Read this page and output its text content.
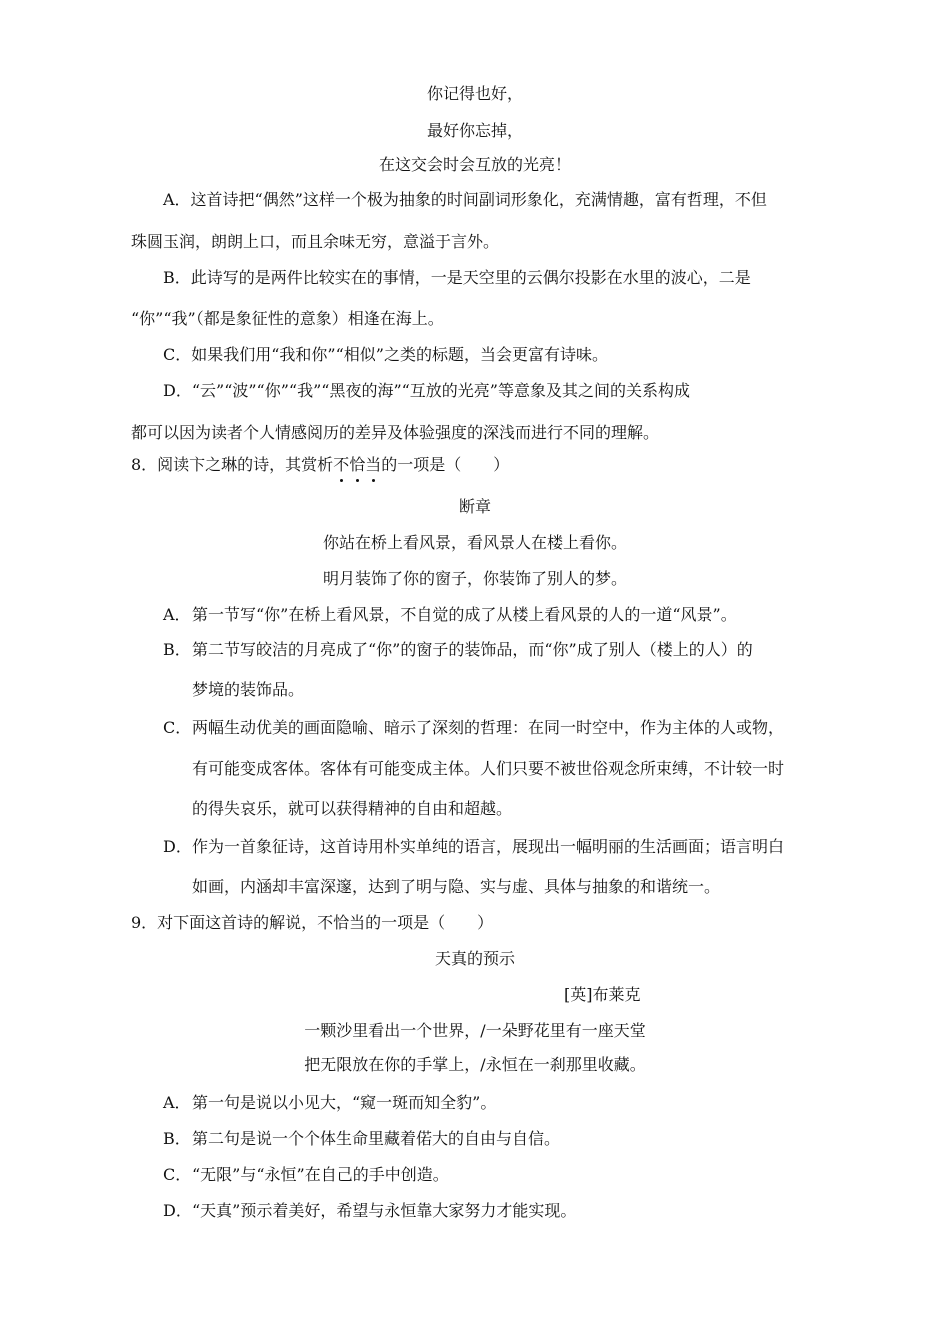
你记得也好，
最好你忘掉，
在这交会时会互放的光亮！
A．这首诗把“偶然”这样一个极为抽象的时间副词形象化，充满情趣，富有哲理，不但
珠圆玉润，朗朗上口，而且余味无穷，意溢于言外。
B．此诗写的是两件比较实在的事情，一是天空里的云偶尔投影在水里的波心，二是
“你”“我”（都是象征性的意象）相逢在海上。
C．如果我们用“我和你”“相似”之类的标题，当会更富有诗味。
D．“云”“波”“你”“我”“黑夜的海”“互放的光亮”等意象及其之间的关系构成
都可以因为读者个人情感阅历的差异及体验强度的深浅而进行不同的理解。
8．阅读卞之琳的诗，其赏析不恰当的一项是（　　）
断章
你站在桥上看风景，看风景人在楼上看你。
明月装饰了你的窗子，你装饰了别人的梦。
A． 第一节写“你”在桥上看风景，不自觉的成了从楼上看风景的人的一道“风景”。
B． 第二节写皎洁的月亮成了“你”的窗子的装饰品，而“你”成了别人（楼上的人）的
梦境的装饰品。
C． 两幅生动优美的画面隐喻、暗示了深刻的哲理：在同一时空中，作为主体的人或物，
有可能变成客体。客体有可能变成主体。人们只要不被世俗观念所束缚，不计较一时
的得失哀乐，就可以获得精神的自由和超越。
D． 作为一首象征诗，这首诗用朴实单纯的语言，展现出一幅明丽的生活画面；语言明白
如画，内涵却丰富深邃，达到了明与隐、实与虚、具体与抽象的和谐统一。
9．对下面这首诗的解说，不恰当的一项是（　　）
天真的预示
[英]布莱克
一颗沙里看出一个世界，/一朵野花里有一座天堂
把无限放在你的手掌上，/永恒在一刹那里收藏。
A． 第一句是说以小见大，“窥一斑而知全豹”。
B． 第二句是说一个个体生命里藏着偌大的自由与自信。
C． “无限”与“永恒”在自己的手中创造。
D． “天真”预示着美好，希望与永恒靠大家努力才能实现。
